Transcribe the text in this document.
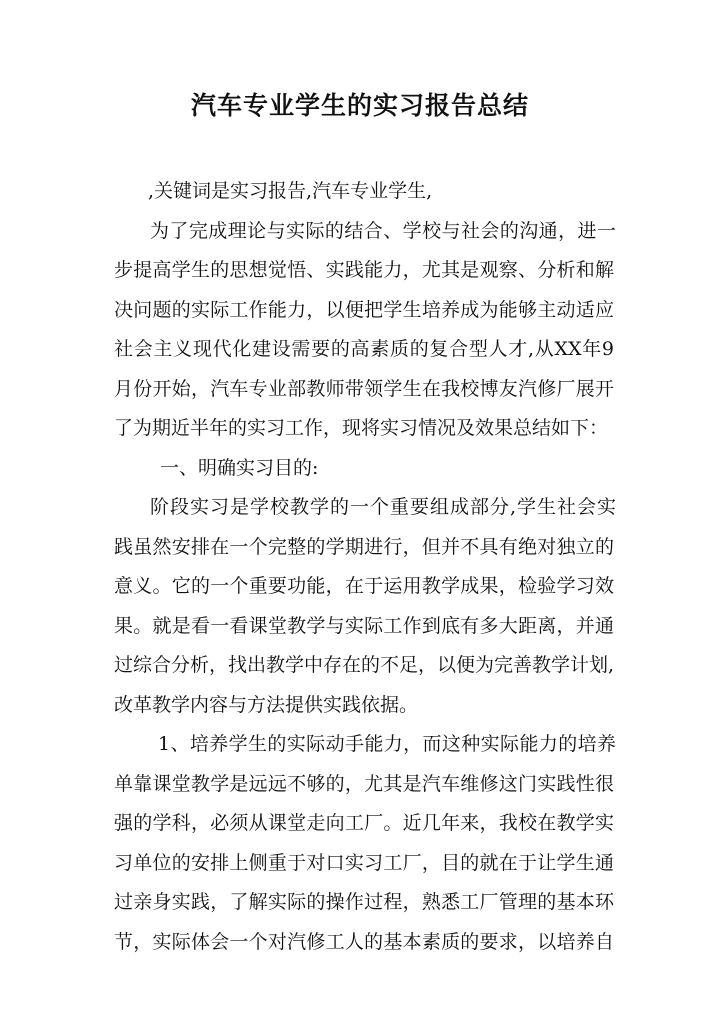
汽车专业学生的实习报告总结

,关键词是实习报告,汽车专业学生,

为了完成理论与实际的结合、学校与社会的沟通，进一

步提高学生的思想觉悟、实践能力，尤其是观察、分析和解

决问题的实际工作能力，以便把学生培养成为能够主动适应

社会主义现代化建设需要的高素质的复合型人才,从XX年9

月份开始，汽车专业部教师带领学生在我校博友汽修厂展开

了为期近半年的实习工作，现将实习情况及效果总结如下：

一、明确实习目的:

阶段实习是学校教学的一个重要组成部分,学生社会实

践虽然安排在一个完整的学期进行，但并不具有绝对独立的

意义。它的一个重要功能，在于运用教学成果，检验学习效

果。就是看一看课堂教学与实际工作到底有多大距离，并通

过综合分析，找出教学中存在的不足，以便为完善教学计划,

改革教学内容与方法提供实践依据。

1、培养学生的实际动手能力，而这种实际能力的培养

单靠课堂教学是远远不够的，尤其是汽车维修这门实践性很

强的学科，必须从课堂走向工厂。近几年来，我校在教学实

习单位的安排上侧重于对口实习工厂，目的就在于让学生通

过亲身实践，了解实际的操作过程，熟悉工厂管理的基本环

节，实际体会一个对汽修工人的基本素质的要求，以培养自
